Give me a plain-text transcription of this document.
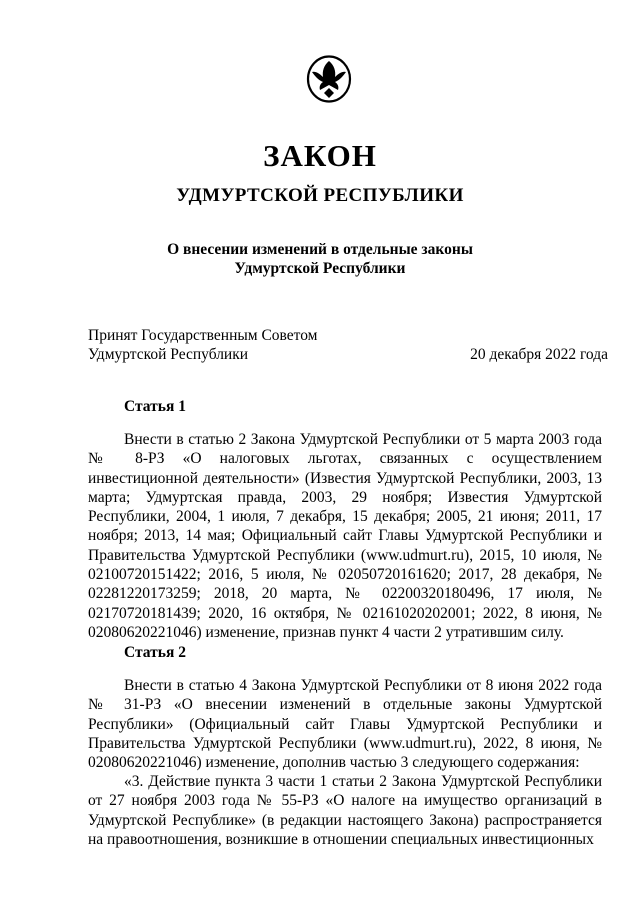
ЗАКОН
УДМУРТСКОЙ РЕСПУБЛИКИ
О внесении изменений в отдельные законы
Удмуртской Республики
Принят Государственным Советом
Удмуртской Республики	20 декабря 2022 года
Статья 1

Внести в статью 2 Закона Удмуртской Республики от 5 марта 2003 года № 8-РЗ «О налоговых льготах, связанных с осуществлением инвестиционной деятельности» (Известия Удмуртской Республики, 2003, 13 марта; Удмуртская правда, 2003, 29 ноября; Известия Удмуртской Республики, 2004, 1 июля, 7 декабря, 15 декабря; 2005, 21 июня; 2011, 17 ноября; 2013, 14 мая; Официальный сайт Главы Удмуртской Республики и Правительства Удмуртской Республики (www.udmurt.ru), 2015, 10 июля, № 02100720151422; 2016, 5 июля, № 02050720161620; 2017, 28 декабря, № 02281220173259; 2018, 20 марта, № 02200320180496, 17 июля, № 02170720181439; 2020, 16 октября, № 02161020202001; 2022, 8 июня, № 02080620221046) изменение, признав пункт 4 части 2 утратившим силу.

Статья 2

Внести в статью 4 Закона Удмуртской Республики от 8 июня 2022 года № 31-РЗ «О внесении изменений в отдельные законы Удмуртской Республики» (Официальный сайт Главы Удмуртской Республики и Правительства Удмуртской Республики (www.udmurt.ru), 2022, 8 июня, № 02080620221046) изменение, дополнив частью 3 следующего содержания:

«3. Действие пункта 3 части 1 статьи 2 Закона Удмуртской Республики от 27 ноября 2003 года № 55-РЗ «О налоге на имущество организаций в Удмуртской Республике» (в редакции настоящего Закона) распространяется на правоотношения, возникшие в отношении специальных инвестиционных
